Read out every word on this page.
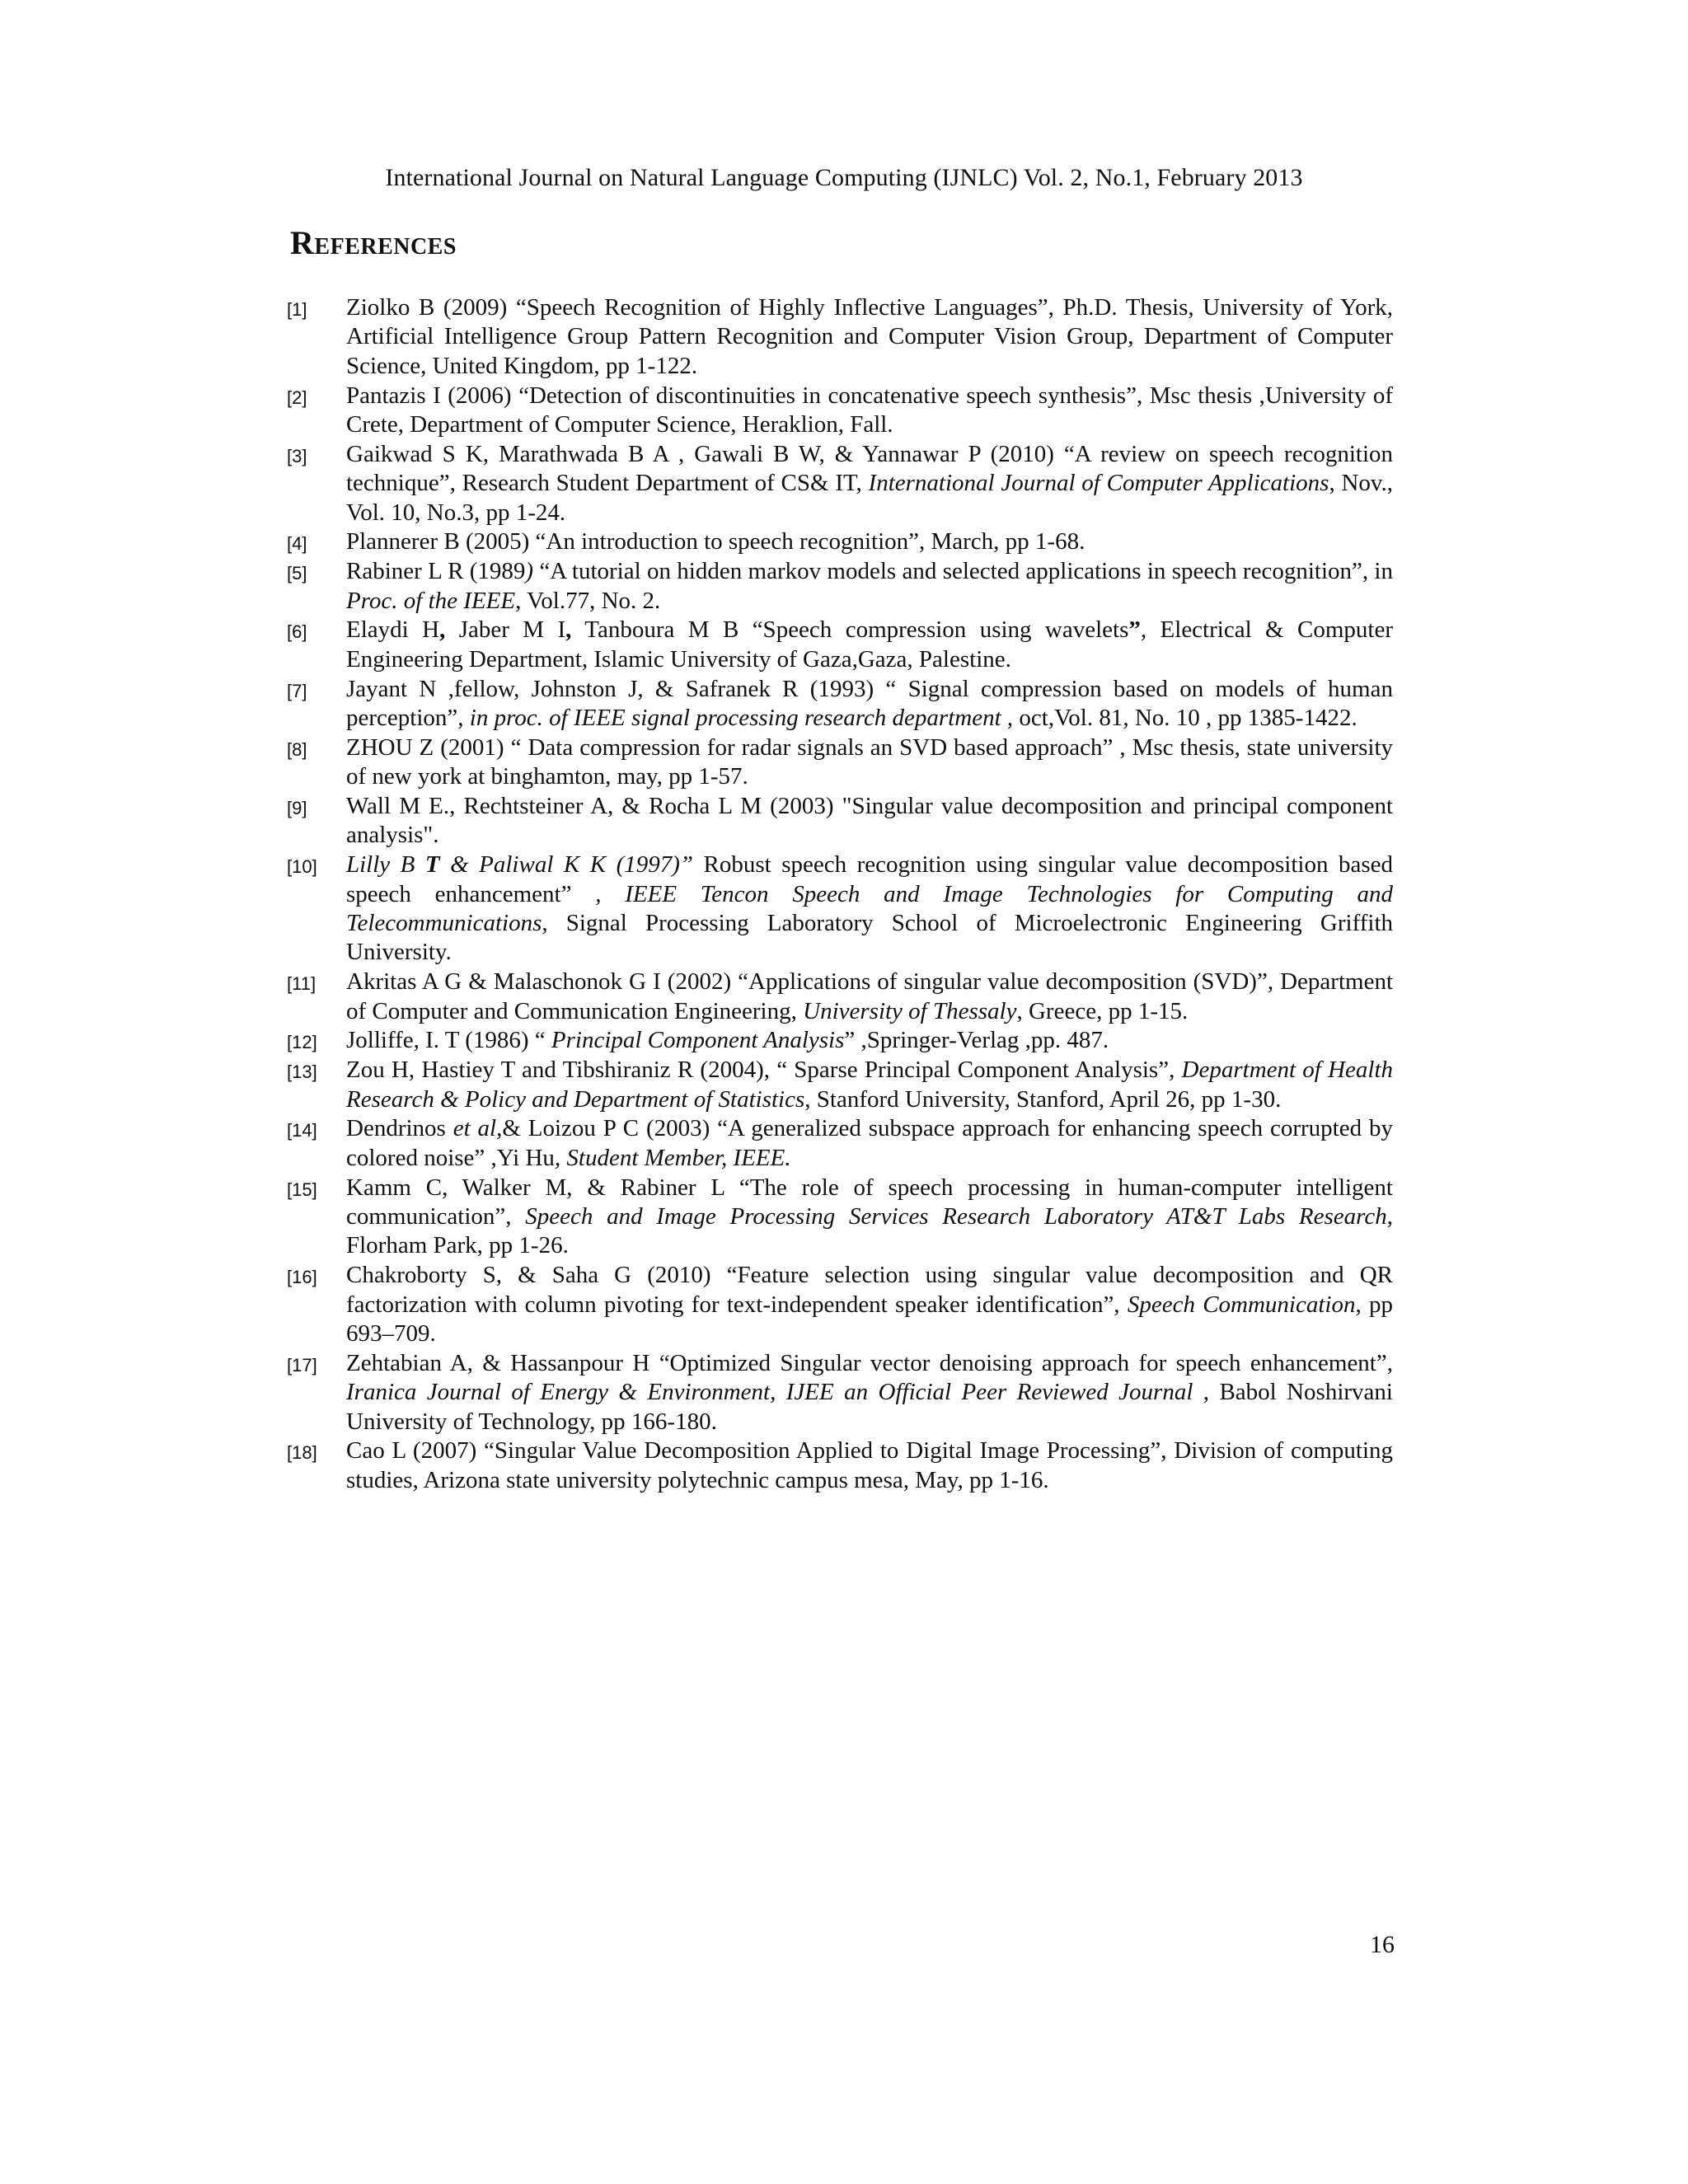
International Journal on Natural Language Computing (IJNLC) Vol. 2, No.1, February 2013
References
[1] Ziolko B (2009) “Speech Recognition of Highly Inflective Languages”, Ph.D. Thesis, University of York, Artificial Intelligence Group Pattern Recognition and Computer Vision Group, Department of Computer Science, United Kingdom, pp 1-122.
[2] Pantazis I (2006) “Detection of discontinuities in concatenative speech synthesis”, Msc thesis ,University of Crete, Department of Computer Science, Heraklion, Fall.
[3] Gaikwad S K, Marathwada B A , Gawali B W, & Yannawar P (2010) “A review on speech recognition technique”, Research Student Department of CS& IT, International Journal of Computer Applications, Nov., Vol. 10, No.3, pp 1-24.
[4] Plannerer B (2005) “An introduction to speech recognition”, March, pp 1-68.
[5] Rabiner L R (1989) “A tutorial on hidden markov models and selected applications in speech recognition”, in Proc. of the IEEE, Vol.77, No. 2.
[6] Elaydi H, Jaber M I, Tanboura M B “Speech compression using wavelets”, Electrical & Computer Engineering Department, Islamic University of Gaza,Gaza, Palestine.
[7] Jayant N ,fellow, Johnston J, & Safranek R (1993) “ Signal compression based on models of human perception”, in proc. of IEEE signal processing research department , oct,Vol. 81, No. 10 , pp 1385-1422.
[8] ZHOU Z (2001) “ Data compression for radar signals an SVD based approach” , Msc thesis, state university of new york at binghamton, may, pp 1-57.
[9] Wall M E., Rechtsteiner A, & Rocha L M (2003) "Singular value decomposition and principal component analysis".
[10] Lilly B T & Paliwal K K (1997)” Robust speech recognition using singular value decomposition based speech enhancement” , IEEE Tencon Speech and Image Technologies for Computing and Telecommunications, Signal Processing Laboratory School of Microelectronic Engineering Griffith University.
[11] Akritas A G & Malaschonok G I (2002) “Applications of singular value decomposition (SVD)”, Department of Computer and Communication Engineering, University of Thessaly, Greece, pp 1-15.
[12] Jolliffe, I. T (1986) “ Principal Component Analysis” ,Springer-Verlag ,pp. 487.
[13] Zou H, Hastiey T and Tibshiraniz R (2004), “ Sparse Principal Component Analysis”, Department of Health Research & Policy and Department of Statistics, Stanford University, Stanford, April 26, pp 1-30.
[14] Dendrinos et al,& Loizou P C (2003) “A generalized subspace approach for enhancing speech corrupted by colored noise” ,Yi Hu, Student Member, IEEE.
[15] Kamm C, Walker M, & Rabiner L “The role of speech processing in human-computer intelligent communication”, Speech and Image Processing Services Research Laboratory AT&T Labs Research, Florham Park, pp 1-26.
[16] Chakroborty S, & Saha G (2010) “Feature selection using singular value decomposition and QR factorization with column pivoting for text-independent speaker identification”, Speech Communication, pp 693–709.
[17] Zehtabian A, & Hassanpour H “Optimized Singular vector denoising approach for speech enhancement”, Iranica Journal of Energy & Environment, IJEE an Official Peer Reviewed Journal , Babol Noshirvani University of Technology, pp 166-180.
[18] Cao L (2007) “Singular Value Decomposition Applied to Digital Image Processing”, Division of computing studies, Arizona state university polytechnic campus mesa, May, pp 1-16.
16
